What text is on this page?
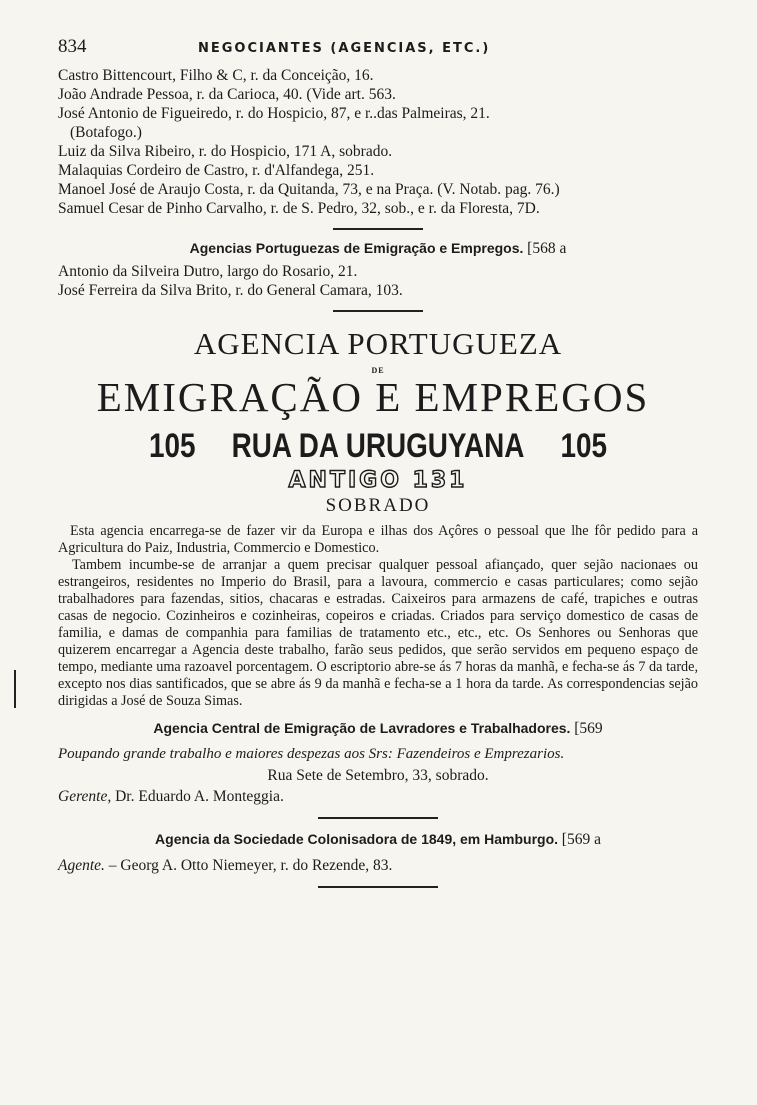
834	NEGOCIANTES (AGENCIAS, ETC.)
Castro Bittencourt, Filho & C, r. da Conceição, 16.
João Andrade Pessoa, r. da Carioca, 40. (Vide art. 563.
José Antonio de Figueiredo, r. do Hospicio, 87, e r..das Palmeiras, 21.
(Botafogo.)
Luiz da Silva Ribeiro, r. do Hospicio, 171 A, sobrado.
Malaquias Cordeiro de Castro, r. d'Alfandega, 251.
Manoel José de Araujo Costa, r. da Quitanda, 73, e na Praça. (V. Notab. pag. 76.)
Samuel Cesar de Pinho Carvalho, r. de S. Pedro, 32, sob., e r. da Floresta, 7D.
Agencias Portuguezas de Emigração e Empregos. [568 a
Antonio da Silveira Dutro, largo do Rosario, 21.
José Ferreira da Silva Brito, r. do General Camara, 103.
AGENCIA PORTUGUEZA
DE
EMIGRAÇÃO E EMPREGOS
105 RUA DA URUGUYANA 105
ANTIGO 131
SOBRADO

Esta agencia encarrega-se de fazer vir da Europa e ilhas dos Açôres o pessoal que lhe fôr pedido para a Agricultura do Paiz, Industria, Commercio e Domestico.

Tambem incumbe-se de arranjar a quem precisar qualquer pessoal afiançado, quer sejão nacionaes ou estrangeiros, residentes no Imperio do Brasil, para a lavoura, commercio e casas particulares; como sejão trabalhadores para fazendas, sitios, chacaras e estradas. Caixeiros para armazens de café, trapiches e outras casas de negocio. Cozinheiros e cozinheiras, copeiros e criadas. Criados para serviço domestico de casas de familia, e damas de companhia para familias de tratamento etc., etc., etc. Os Senhores ou Senhoras que quizerem encarregar a Agencia deste trabalho, farão seus pedidos, que serão servidos em pequeno espaço de tempo, mediante uma razoavel porcentagem. O escriptorio abre-se ás 7 horas da manhã, e fecha-se ás 7 da tarde, excepto nos dias santificados, que se abre ás 9 da manhã e fecha-se a 1 hora da tarde. As correspondencias sejão dirigidas a José de Souza Simas.

Agencia Central de Emigração de Lavradores e Trabalhadores. [569
Poupando grande trabalho e maiores despezas aos Srs: Fazendeiros e Emprezarios.
Rua Sete de Setembro, 33, sobrado.
Gerente, Dr. Eduardo A. Monteggia.
Agencia da Sociedade Colonisadora de 1849, em Hamburgo. [569 a
Agente. – Georg A. Otto Niemeyer, r. do Rezende, 83.
